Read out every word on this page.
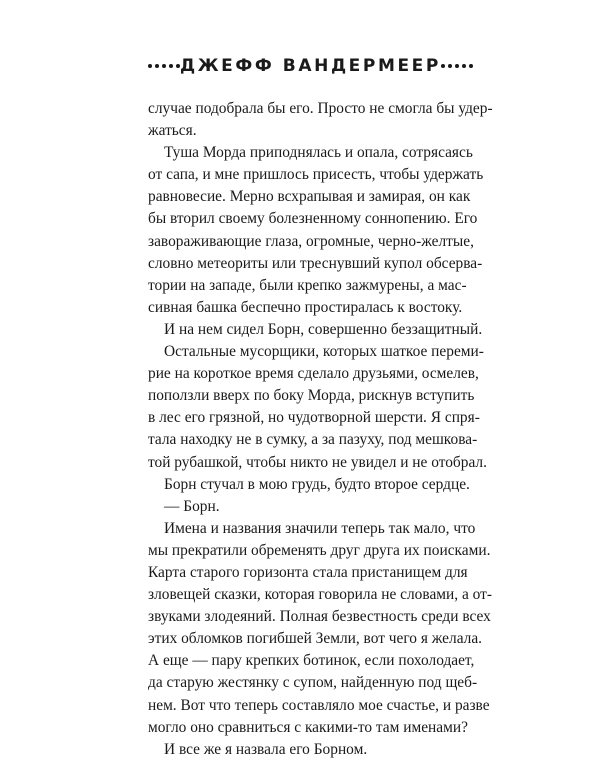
ДЖЕФФ ВАНДЕРМЕЕР
случае подобрала бы его. Просто не смогла бы удер-
жаться.
Туша Морда приподнялась и опала, сотрясаясь
от сапа, и мне пришлось присесть, чтобы удержать
равновесие. Мерно всхрапывая и замирая, он как
бы вторил своему болезненному соннопению. Его
завораживающие глаза, огромные, черно-желтые,
словно метеориты или треснувший купол обсерва-
тории на западе, были крепко зажмурены, а мас-
сивная башка беспечно простиралась к востоку.
И на нем сидел Борн, совершенно беззащитный.
Остальные мусорщики, которых шаткое переми-
рие на короткое время сделало друзьями, осмелев,
поползли вверх по боку Морда, рискнув вступить
в лес его грязной, но чудотворной шерсти. Я спря-
тала находку не в сумку, а за пазуху, под мешкова-
той рубашкой, чтобы никто не увидел и не отобрал.
Борн стучал в мою грудь, будто второе сердце.
— Борн.
Имена и названия значили теперь так мало, что
мы прекратили обременять друг друга их поисками.
Карта старого горизонта стала пристанищем для
зловещей сказки, которая говорила не словами, а от-
звуками злодеяний. Полная безвестность среди всех
этих обломков погибшей Земли, вот чего я желала.
А еще — пару крепких ботинок, если похолодает,
да старую жестянку с супом, найденную под щеб-
нем. Вот что теперь составляло мое счастье, и разве
могло оно сравниться с какими-то там именами?
И все же я назвала его Борном.
